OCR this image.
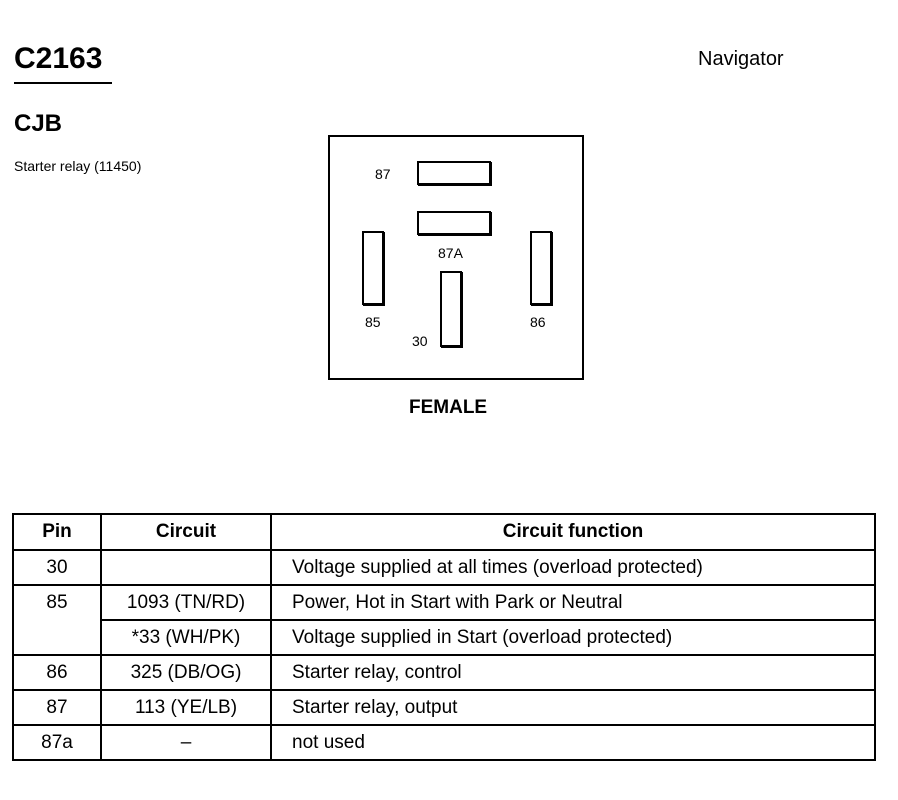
C2163	Navigator
CJB
Starter relay (11450)	87
87A
85	86
30
FEMALE
Pin	Circuit	Circuit function
30		Voltage supplied at all times (overload protected)
85	1093 (TN/RD)	Power, Hot in Start with Park or Neutral
	*33 (WH/PK)	Voltage supplied in Start (overload protected)
86	325 (DB/OG)	Starter relay, control
87	113 (YE/LB)	Starter relay, output
87a	–	not used
